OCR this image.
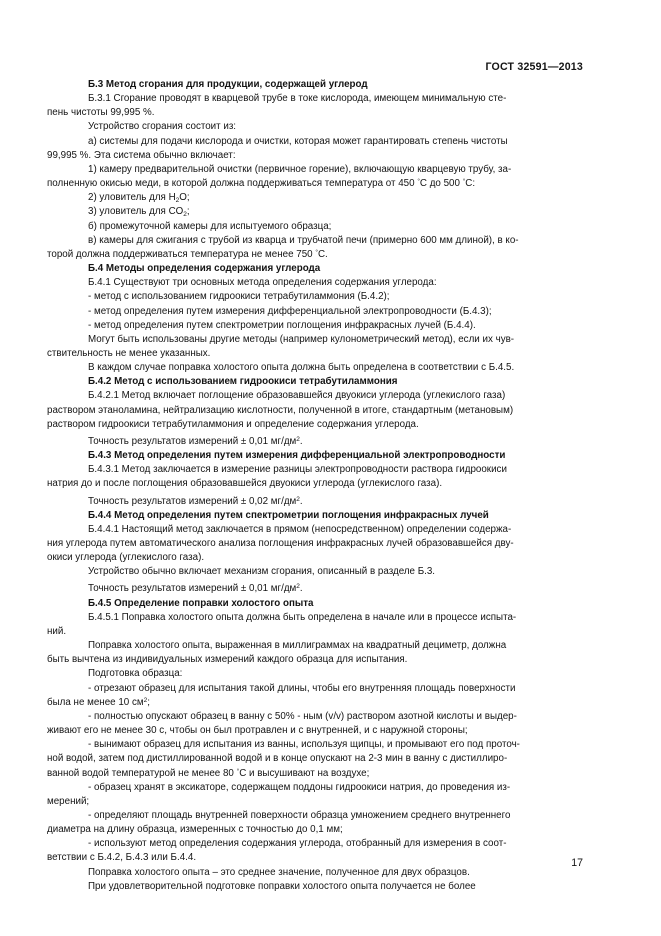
ГОСТ 32591—2013

Б.3 Метод сгорания для продукции, содержащей углерод

Б.3.1 Сгорание проводят в кварцевой трубе в токе кислорода, имеющем минимальную сте-

пень чистоты 99,995 %.

Устройство сгорания состоит из:

а) системы для подачи кислорода и очистки, которая может гарантировать степень чистоты

99,995 %. Эта система обычно включает:

1) камеру предварительной очистки (первичное горение), включающую кварцевую трубу, за-

полненную окисью меди, в которой должна поддерживаться температура от 450 °C до 500 °C:

2) уловитель для $H_2O$;

3) уловитель для $CO_2$;

б) промежуточной камеры для испытуемого образца;

в) камеры для сжигания с трубой из кварца и трубчатой печи (примерно 600 мм длиной), в ко-

торой должна поддерживаться температура не менее 750 °C.

Б.4 Методы определения содержания углерода

Б.4.1 Существуют три основных метода определения содержания углерода:

- метод с использованием гидроокиси тетрабутиламмония (Б.4.2);

- метод определения путем измерения дифференциальной электропроводности (Б.4.3);

- метод определения путем спектрометрии поглощения инфракрасных лучей (Б.4.4).

Могут быть использованы другие методы (например кулонометрический метод), если их чув-

ствительность не менее указанных.

В каждом случае поправка холостого опыта должна быть определена в соответствии с Б.4.5.

Б.4.2 Метод с использованием гидроокиси тетрабутиламмония

Б.4.2.1 Метод включает поглощение образовавшейся двуокиси углерода (углекислого газа)

раствором этаноламина, нейтрализацию кислотности, полученной в итоге, стандартным (метановым)

раствором гидроокиси тетрабутиламмония и определение содержания углерода.

Точность результатов измерений ± 0,01 $мг/дм^2$.

Б.4.3 Метод определения путем измерения дифференциальной электропроводности

Б.4.3.1 Метод заключается в измерение разницы электропроводности раствора гидроокиси

натрия до и после поглощения образовавшейся двуокиси углерода (углекислого газа).

Точность результатов измерений ± 0,02 $мг/дм^2$.

Б.4.4 Метод определения путем спектрометрии поглощения инфракрасных лучей

Б.4.4.1 Настоящий метод заключается в прямом (непосредственном) определении содержа-

ния углерода путем автоматического анализа поглощения инфракрасных лучей образовавшейся дву-

окиси углерода (углекислого газа).

Устройство обычно включает механизм сгорания, описанный в разделе Б.3.

Точность результатов измерений ± 0,01 $мг/дм^2$.

Б.4.5 Определение поправки холостого опыта

Б.4.5.1 Поправка холостого опыта должна быть определена в начале или в процессе испыта-

ний.

Поправка холостого опыта, выраженная в миллиграммах на квадратный дециметр, должна

быть вычтена из индивидуальных измерений каждого образца для испытания.

Подготовка образца:

- отрезают образец для испытания такой длины, чтобы его внутренняя площадь поверхности

была не менее 10 $см^2$;

- полностью опускают образец в ванну с 50% - ным (v/v) раствором азотной кислоты и выдер-

живают его не менее 30 с, чтобы он был протравлен и с внутренней, и с наружной стороны;

- вынимают образец для испытания из ванны, используя щипцы, и промывают его под проточ-

ной водой, затем под дистиллированной водой и в конце опускают на 2-3 мин в ванну с дистиллиро-

ванной водой температурой не менее 80 °C и высушивают на воздухе;

- образец хранят в эксикаторе, содержащем поддоны гидроокиси натрия, до проведения из-

мерений;

- определяют площадь внутренней поверхности образца умножением среднего внутреннего

диаметра на длину образца, измеренных с точностью до 0,1 мм;

- используют метод определения содержания углерода, отобранный для измерения в соот-

ветствии с Б.4.2, Б.4.3 или Б.4.4.

Поправка холостого опыта – это среднее значение, полученное для двух образцов.

При удовлетворительной подготовке поправки холостого опыта получается не более

17
